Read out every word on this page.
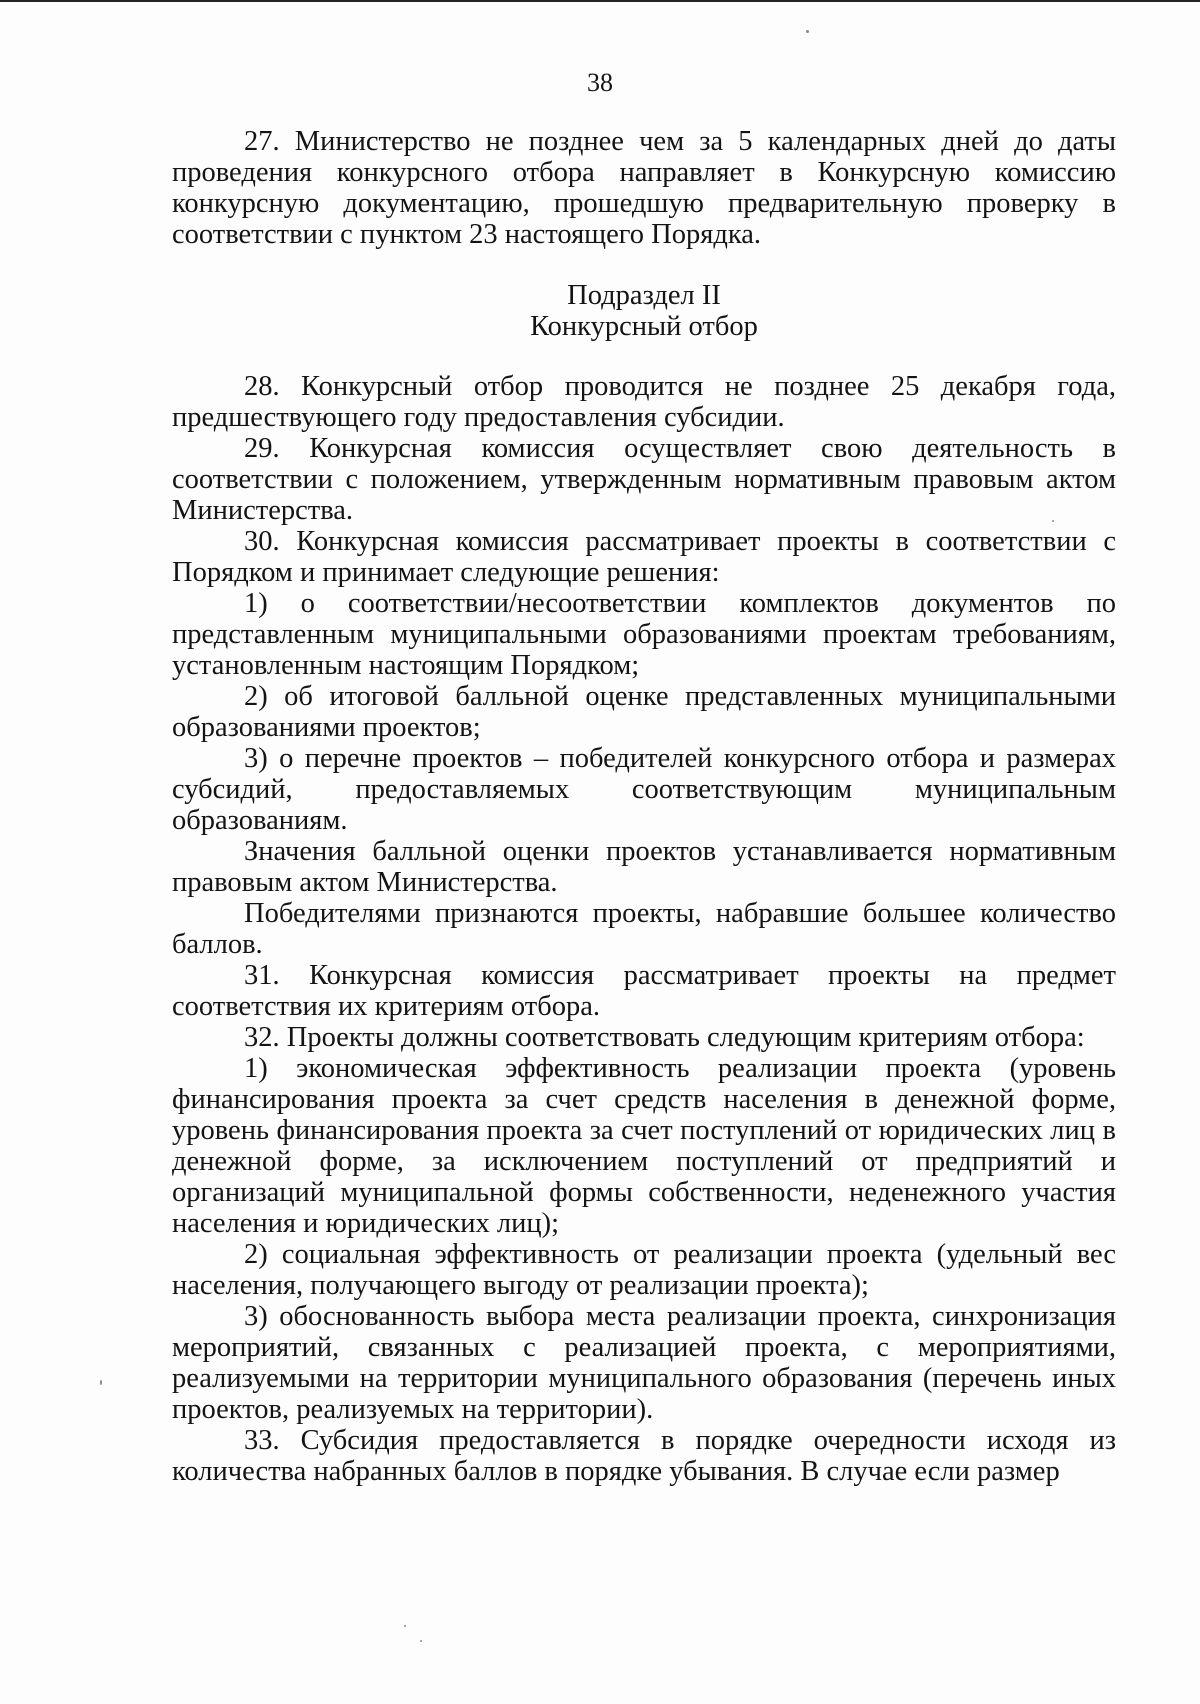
38

27. Министерство не позднее чем за 5 календарных дней до даты проведения конкурсного отбора направляет в Конкурсную комиссию конкурсную документацию, прошедшую предварительную проверку в соответствии с пунктом 23 настоящего Порядка.

Подраздел II

Конкурсный отбор

28. Конкурсный отбор проводится не позднее 25 декабря года, предшествующего году предоставления субсидии.

29. Конкурсная комиссия осуществляет свою деятельность в соответствии с положением, утвержденным нормативным правовым актом Министерства.

30. Конкурсная комиссия рассматривает проекты в соответствии с Порядком и принимает следующие решения:

1) о соответствии/несоответствии комплектов документов по представленным муниципальными образованиями проектам требованиям, установленным настоящим Порядком;

2) об итоговой балльной оценке представленных муниципальными образованиями проектов;

3) о перечне проектов – победителей конкурсного отбора и размерах субсидий, предоставляемых соответствующим муниципальным образованиям.

Значения балльной оценки проектов устанавливается нормативным правовым актом Министерства.

Победителями признаются проекты, набравшие большее количество баллов.

31. Конкурсная комиссия рассматривает проекты на предмет соответствия их критериям отбора.

32. Проекты должны соответствовать следующим критериям отбора:

1) экономическая эффективность реализации проекта (уровень финансирования проекта за счет средств населения в денежной форме, уровень финансирования проекта за счет поступлений от юридических лиц в денежной форме, за исключением поступлений от предприятий и организаций муниципальной формы собственности, неденежного участия населения и юридических лиц);

2) социальная эффективность от реализации проекта (удельный вес населения, получающего выгоду от реализации проекта);

3) обоснованность выбора места реализации проекта, синхронизация мероприятий, связанных с реализацией проекта, с мероприятиями, реализуемыми на территории муниципального образования (перечень иных проектов, реализуемых на территории).

33. Субсидия предоставляется в порядке очередности исходя из количества набранных баллов в порядке убывания. В случае если размер
